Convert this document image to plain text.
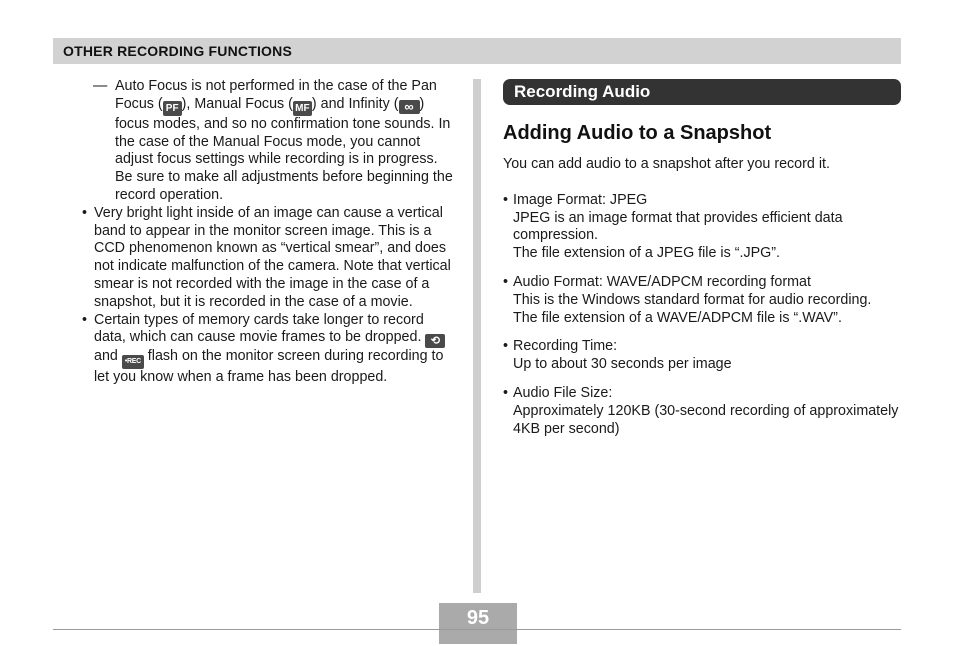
OTHER RECORDING FUNCTIONS
— Auto Focus is not performed in the case of the Pan Focus ( PF ), Manual Focus ( MF ) and Infinity ( ∞ ) focus modes, and so no confirmation tone sounds. In the case of the Manual Focus mode, you cannot adjust focus settings while recording is in progress. Be sure to make all adjustments before beginning the record operation.
• Very bright light inside of an image can cause a vertical band to appear in the monitor screen image. This is a CCD phenomenon known as “vertical smear”, and does not indicate malfunction of the camera. Note that vertical smear is not recorded with the image in the case of a snapshot, but it is recorded in the case of a movie.
• Certain types of memory cards take longer to record data, which can cause movie frames to be dropped. ⟲ and •REC flash on the monitor screen during recording to let you know when a frame has been dropped.
Recording Audio
Adding Audio to a Snapshot
You can add audio to a snapshot after you record it.
• Image Format: JPEG
JPEG is an image format that provides efficient data compression.
The file extension of a JPEG file is “.JPG”.
• Audio Format: WAVE/ADPCM recording format
This is the Windows standard format for audio recording.
The file extension of a WAVE/ADPCM file is “.WAV”.
• Recording Time:
Up to about 30 seconds per image
• Audio File Size:
Approximately 120KB (30-second recording of approximately 4KB per second)
95
